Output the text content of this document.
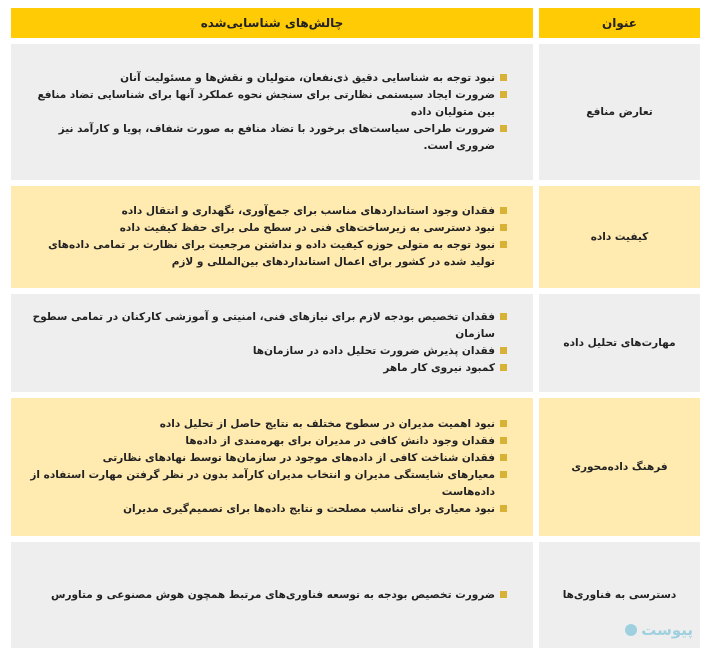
عنوان
چالش‌های شناسایی‌شده
تعارض منافع
نبود توجه به شناسایی دقیق ذی‌نفعان، متولیان و نقش‌ها و مسئولیت آنان
ضرورت ایجاد سیستمی نظارتی برای سنجش نحوه عملکرد آنها برای شناسایی تضاد منافع بین متولیان داده
ضرورت طراحی سیاست‌های برخورد با تضاد منافع به صورت شفاف، پویا و کارآمد نیز ضروری است.
کیفیت داده
فقدان وجود استانداردهای مناسب برای جمع‌آوری، نگهداری و انتقال داده
نبود دسترسی به زیرساخت‌های فنی در سطح ملی برای حفظ کیفیت داده
نبود توجه به متولی حوزه کیفیت داده و نداشتن مرجعیت برای نظارت بر تمامی داده‌های تولید شده در کشور برای اعمال استانداردهای بین‌المللی و لازم
مهارت‌های تحلیل داده
فقدان تخصیص بودجه لازم برای نیازهای فنی، امنیتی و آموزشی کارکنان در تمامی سطوح سازمان
فقدان پذیرش ضرورت تحلیل داده در سازمان‌ها
کمبود نیروی کار ماهر
فرهنگ داده‌محوری
نبود اهمیت مدیران در سطوح مختلف به نتایج حاصل از تحلیل داده
فقدان وجود دانش کافی در مدیران برای بهره‌مندی از داده‌ها
فقدان شناخت کافی از داده‌های موجود در سازمان‌ها توسط نهادهای نظارتی
معیارهای شایستگی مدیران و انتخاب مدیران کارآمد بدون در نظر گرفتن مهارت استفاده از داده‌هاست
نبود معیاری برای تناسب مصلحت و نتایج داده‌ها برای تصمیم‌گیری مدیران
دسترسی به فناوری‌ها
ضرورت تخصیص بودجه به توسعه فناوری‌های مرتبط همچون هوش مصنوعی و متاورس
پیوست
